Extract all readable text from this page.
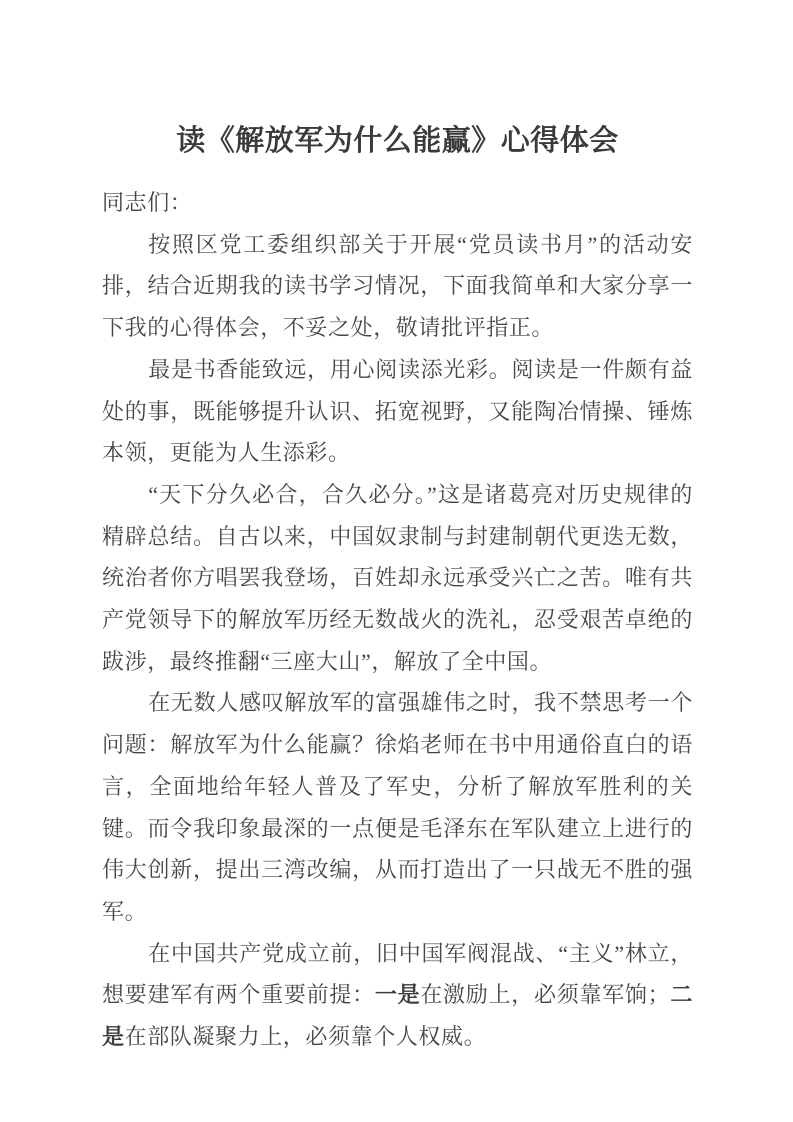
读《解放军为什么能赢》心得体会

同志们：

按照区党工委组织部关于开展“党员读书月”的活动安排，结合近期我的读书学习情况，下面我简单和大家分享一下我的心得体会，不妥之处，敬请批评指正。

最是书香能致远，用心阅读添光彩。阅读是一件颇有益处的事，既能够提升认识、拓宽视野，又能陶冶情操、锤炼本领，更能为人生添彩。

“天下分久必合，合久必分。”这是诸葛亮对历史规律的精辟总结。自古以来，中国奴隶制与封建制朝代更迭无数，统治者你方唱罢我登场，百姓却永远承受兴亡之苦。唯有共产党领导下的解放军历经无数战火的洗礼，忍受艰苦卓绝的跋涉，最终推翻“三座大山”，解放了全中国。

在无数人感叹解放军的富强雄伟之时，我不禁思考一个问题：解放军为什么能赢？徐焰老师在书中用通俗直白的语言，全面地给年轻人普及了军史，分析了解放军胜利的关键。而令我印象最深的一点便是毛泽东在军队建立上进行的伟大创新，提出三湾改编，从而打造出了一只战无不胜的强军。

在中国共产党成立前，旧中国军阀混战、“主义”林立，想要建军有两个重要前提：一是在激励上，必须靠军饷；二是在部队凝聚力上，必须靠个人权威。
